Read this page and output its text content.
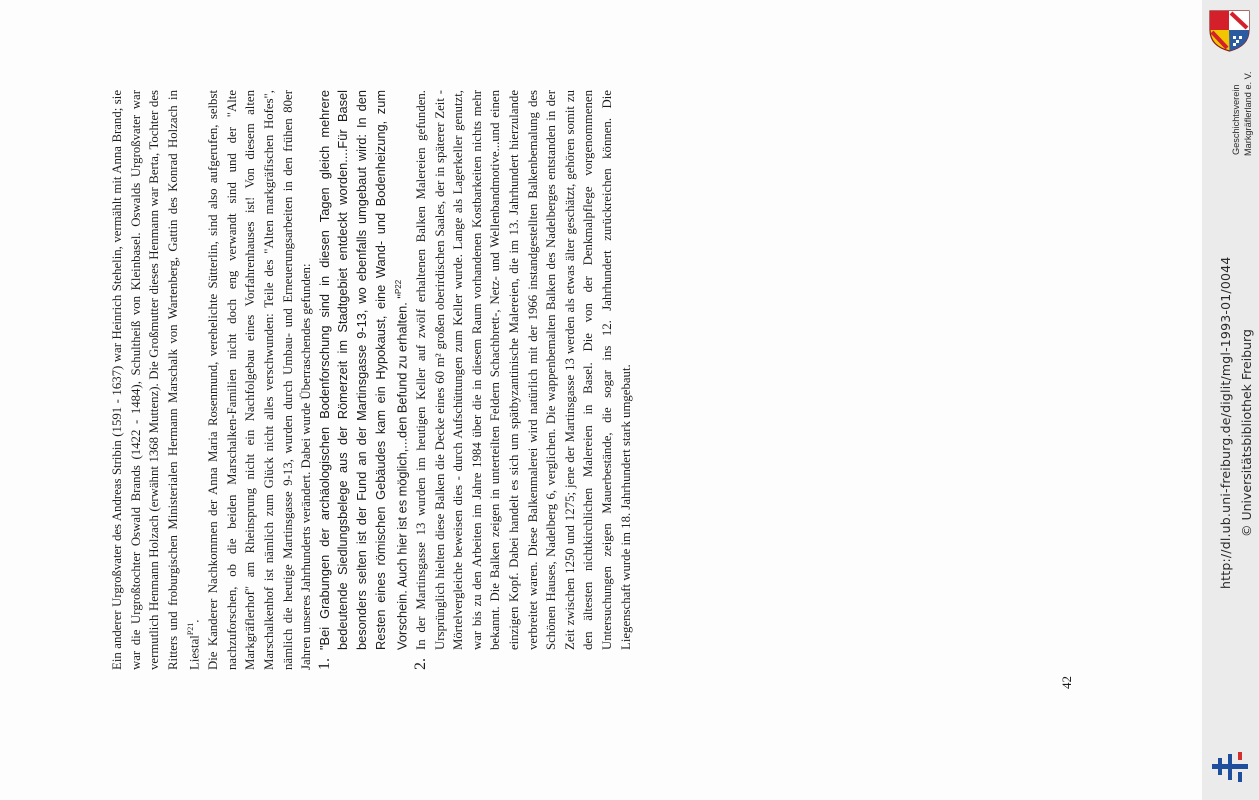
Ein anderer Urgroßvater des Andreas Stribin (1591 - 1637) war Heinrich Stehelin, vermählt mit Anna Brand; sie war die Urgroßtochter Oswald Brands (1422 - 1484), Schultheiß von Kleinbasel. Oswalds Urgroßvater war vermutlich Henmann Holzach (erwähnt 1368 Muttenz). Die Großmutter dieses Henmann war Berta, Tochter des Ritters und froburgischen Ministerialen Hermann Marschalk von Wartenberg, Gattin des Konrad Holzach in Liestal$^{P21}$. Die Kanderer Nachkommen der Anna Maria Rosenmund, verehelichte Sütterlin, sind also aufgerufen, selbst nachzuforschen, ob die beiden Marschalken-Familien nicht doch eng verwandt sind und der "Alte Markgräflerhof" am Rheinsprung nicht ein Nachfolgebau eines Vorfahrenhauses ist! Von diesem alten Marschalkenhof ist nämlich zum Glück nicht alles verschwunden: Teile des "Alten markgräfischen Hofes", nämlich die heutige Martinsgasse 9-13, wurden durch Umbau- und Erneuerungsarbeiten in den frühen 80er Jahren unseres Jahrhunderts verändert. Dabei wurde Überraschendes gefunden: 1.

"Bei Grabungen der archäologischen Bodenforschung sind in diesen Tagen gleich mehrere bedeutende Siedlungsbelege aus der Römerzeit im Stadtgebiet entdeckt worden....Für Basel besonders selten ist der Fund an der Martinsgasse 9-13, wo ebenfalls umgebaut wird: In den Resten eines römischen Gebäudes kam ein Hypokaust, eine Wand- und Bodenheizung, zum Vorschein. Auch hier ist es möglich,...den Befund zu erhalten. "$^{P22}$

2.

In der Martinsgasse 13 wurden im heutigen Keller auf zwölf erhaltenen Balken Malereien gefunden. Ursprünglich hielten diese Balken die Decke eines 60 m² großen oberirdischen Saales, der in späterer Zeit - Mörtelvergleiche beweisen dies - durch Aufschüttungen zum Keller wurde. Lange als Lagerkeller genutzt, war bis zu den Arbeiten im Jahre 1984 über die in diesem Raum vorhandenen Kostbarkeiten nichts mehr bekannt. Die Balken zeigen in unterteilten Feldern Schachbrett-, Netz- und Wellenbandmotive...und einen einzigen Kopf. Dabei handelt es sich um spätbyzantinische Malereien, die im 13. Jahrhundert hierzulande verbreitet waren. Diese Balkenmalerei wird natürlich mit der 1966 instandgestellten Balkenbemalung des Schönen Hauses, Nadelberg 6, verglichen. Die wappenbemalten Balken des Nadelberges entstanden in der Zeit zwischen 1250 und 1275; jene der Martinsgasse 13 werden als etwas älter geschätzt, gehören somit zu den ältesten nichtkirchlichen Malereien in Basel. Die von der Denkmalpflege vorgenommenen Untersuchungen zeigen Mauerbestände, die sogar ins 12. Jahrhundert zurückreichen können. Die Liegenschaft wurde im 18. Jahrhundert stark umgebaut.

42
Geschichtsverein Markgräflerland e. V.
http://dl.ub.uni-freiburg.de/diglit/mgl-1993-01/0044 © Universitätsbibliothek Freiburg
